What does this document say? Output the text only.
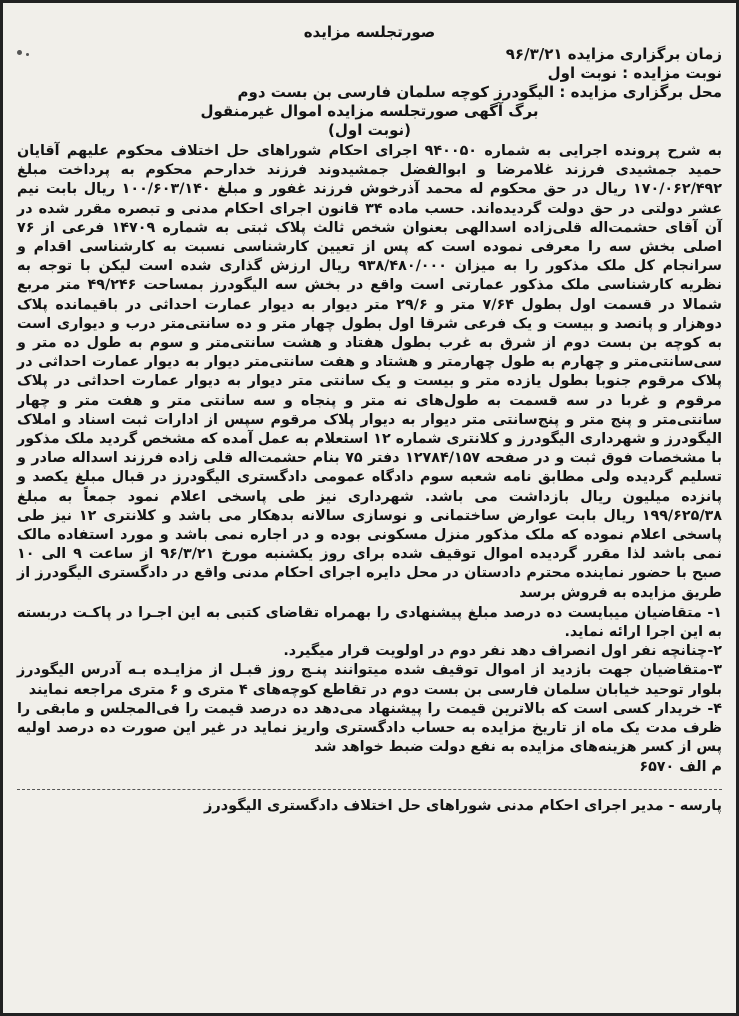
صورتجلسه مزایده
زمان برگزاری مزایده ۹۶/۳/۲۱
نوبت مزایده : نوبت اول
محل برگزاری مزایده : الیگودرز کوچه سلمان فارسی بن بست دوم
برگ آگهی صورتجلسه مزایده اموال غیرمنقول
(نوبت اول)
به شرح پرونده اجرایی به شماره ۹۴۰۰۵۰ اجرای احکام شوراهای حل اختلاف محکوم علیهم آقایان حمید جمشیدی فرزند غلامرضا و ابوالفضل جمشیدوند فرزند خدارحم محکوم به پرداخت مبلغ ۱۷۰/۰۶۲/۴۹۲ ریال در حق محکوم له محمد آذرخوش فرزند غفور و مبلغ ۱۰۰/۶۰۳/۱۴۰ ریال بابت نیم عشر دولتی در حق دولت گردیده‌اند. حسب ماده ۳۴ قانون اجرای احکام مدنی و تبصره مقرر شده در آن آقای حشمت‌اله قلی‌زاده اسدالهی بعنوان شخص ثالث پلاک ثبتی به شماره ۱۴۷۰۹ فرعی از ۷۶ اصلی بخش سه را معرفی نموده است که پس از تعیین کارشناسی نسبت به کارشناسی اقدام و سرانجام کل ملک مذکور را به میزان ۹۳۸/۴۸۰/۰۰۰ ریال ارزش گذاری شده است لیکن با توجه به نظریه کارشناسی ملک مذکور عمارتی است واقع در بخش سه الیگودرز بمساحت ۴۹/۲۴۶ متر مربع شمالا در قسمت اول بطول ۷/۶۴ متر و ۲۹/۶ متر دیوار به دیوار عمارت احداثی در باقیمانده پلاک دوهزار و پانصد و بیست و یک فرعی شرقا اول بطول چهار متر و ده سانتی‌متر درب و دیواری است به کوچه بن بست دوم از شرق به غرب بطول هفتاد و هشت سانتی‌متر و سوم به طول ده متر و سی‌سانتی‌متر و چهارم به طول چهارمتر و هشتاد و هفت سانتی‌متر دیوار به دیوار عمارت احداثی در پلاک مرقوم جنوبا بطول یازده متر و بیست و یک سانتی متر دیوار به دیوار عمارت احداثی در پلاک مرقوم و غربا در سه قسمت به طول‌های نه متر و پنجاه و سه سانتی متر و هفت متر و چهار سانتی‌متر و پنج متر و پنج‌سانتی متر دیوار به دیوار پلاک مرقوم سپس از ادارات ثبت اسناد و املاک الیگودرز و شهرداری الیگودرز و کلانتری شماره ۱۲ استعلام به عمل آمده که مشخص گردید ملک مذکور با مشخصات فوق ثبت و در صفحه ۱۲۷۸۴/۱۵۷ دفتر ۷۵ بنام حشمت‌اله قلی زاده فرزند اسداله صادر و تسلیم گردیده ولی مطابق نامه شعبه سوم دادگاه عمومی دادگستری الیگودرز در قبال مبلغ یکصد و پانزده میلیون ریال بازداشت می باشد. شهرداری نیز طی پاسخی اعلام نمود جمعاً به مبلغ ۱۹۹/۶۲۵/۳۸ ریال بابت عوارض ساختمانی و نوسازی سالانه بدهکار می باشد و کلانتری ۱۲ نیز طی پاسخی اعلام نموده که ملک مذکور منزل مسکونی بوده و در اجاره نمی باشد و مورد استفاده مالک نمی باشد لذا مقرر گردیده اموال توقیف شده برای روز یکشنبه مورخ ۹۶/۳/۲۱ از ساعت ۹ الی ۱۰ صبح با حضور نماینده محترم دادستان در محل دایره اجرای احکام مدنی واقع در دادگستری الیگودرز از طریق مزایده به فروش برسد
۱- متقاضیان میبایست ده درصد مبلغ پیشنهادی را بهمراه تقاضای کتبی به این اجـرا در پاکـت دربسته به این اجرا ارائه نماید.
۲-چنانچه نفر اول انصراف دهد نفر دوم در اولویت قرار میگیرد.
۳-متقاضیان جهت بازدید از اموال توقیف شده میتوانند پنـج روز قبـل از مزایـده بـه آدرس الیگودرز بلوار توحید خیابان سلمان فارسی بن بست دوم در تقاطع کوچه‌های ۴ متری و ۶ متری مراجعه نمایند
۴- خریدار کسی است که بالاترین قیمت را پیشنهاد می‌دهد ده درصد قیمت را فی‌المجلس و مابقی را ظرف مدت یک ماه از تاریخ مزایده به حساب دادگستری واریز نماید در غیر این صورت ده درصد اولیه پس از کسر هزینه‌های مزایده به نفع دولت ضبط خواهد شد
م الف ۶۵۷۰
پارسه - مدیر اجرای احکام مدنی شوراهای حل اختلاف دادگستری الیگودرز
